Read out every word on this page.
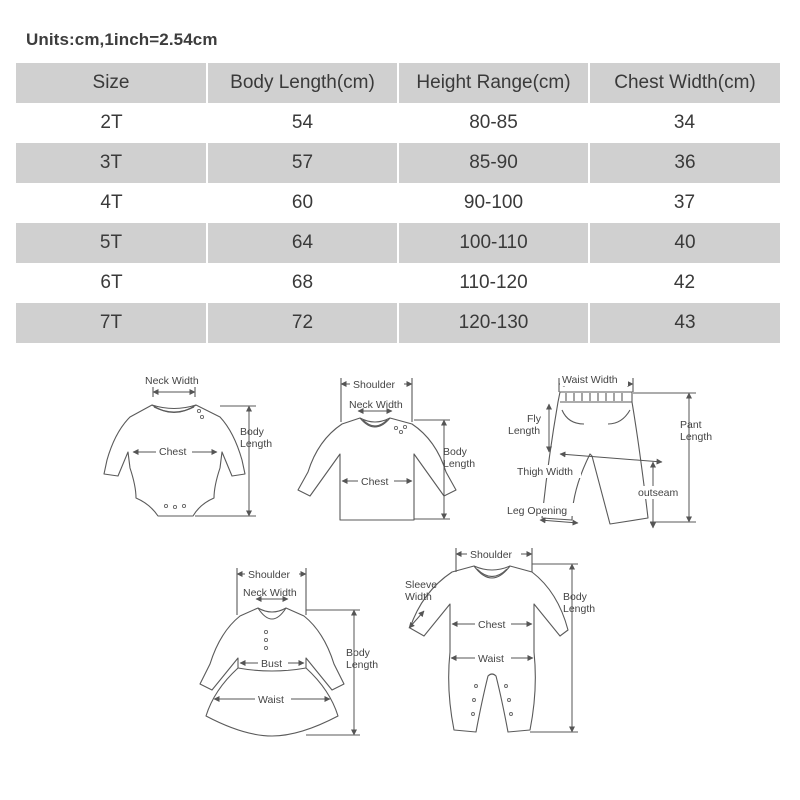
Units:cm,1inch=2.54cm
Size	Body Length(cm)	Height Range(cm)	Chest Width(cm)
2T	54	80-85	34
3T	57	85-90	36
4T	60	90-100	37
5T	64	100-110	40
6T	68	110-120	42
7T	72	120-130	43
Neck Width
Chest
Body
Length
Shoulder
Neck Width
Chest
Body
Length
Waist Width
Fly
Length	Pant
Length
Thigh Width
outseam
Leg Opening
Shoulder
Neck Width
Bust
Waist
Body
Length
Shoulder
Sleeve
Width
Chest
Waist
Body
Length
